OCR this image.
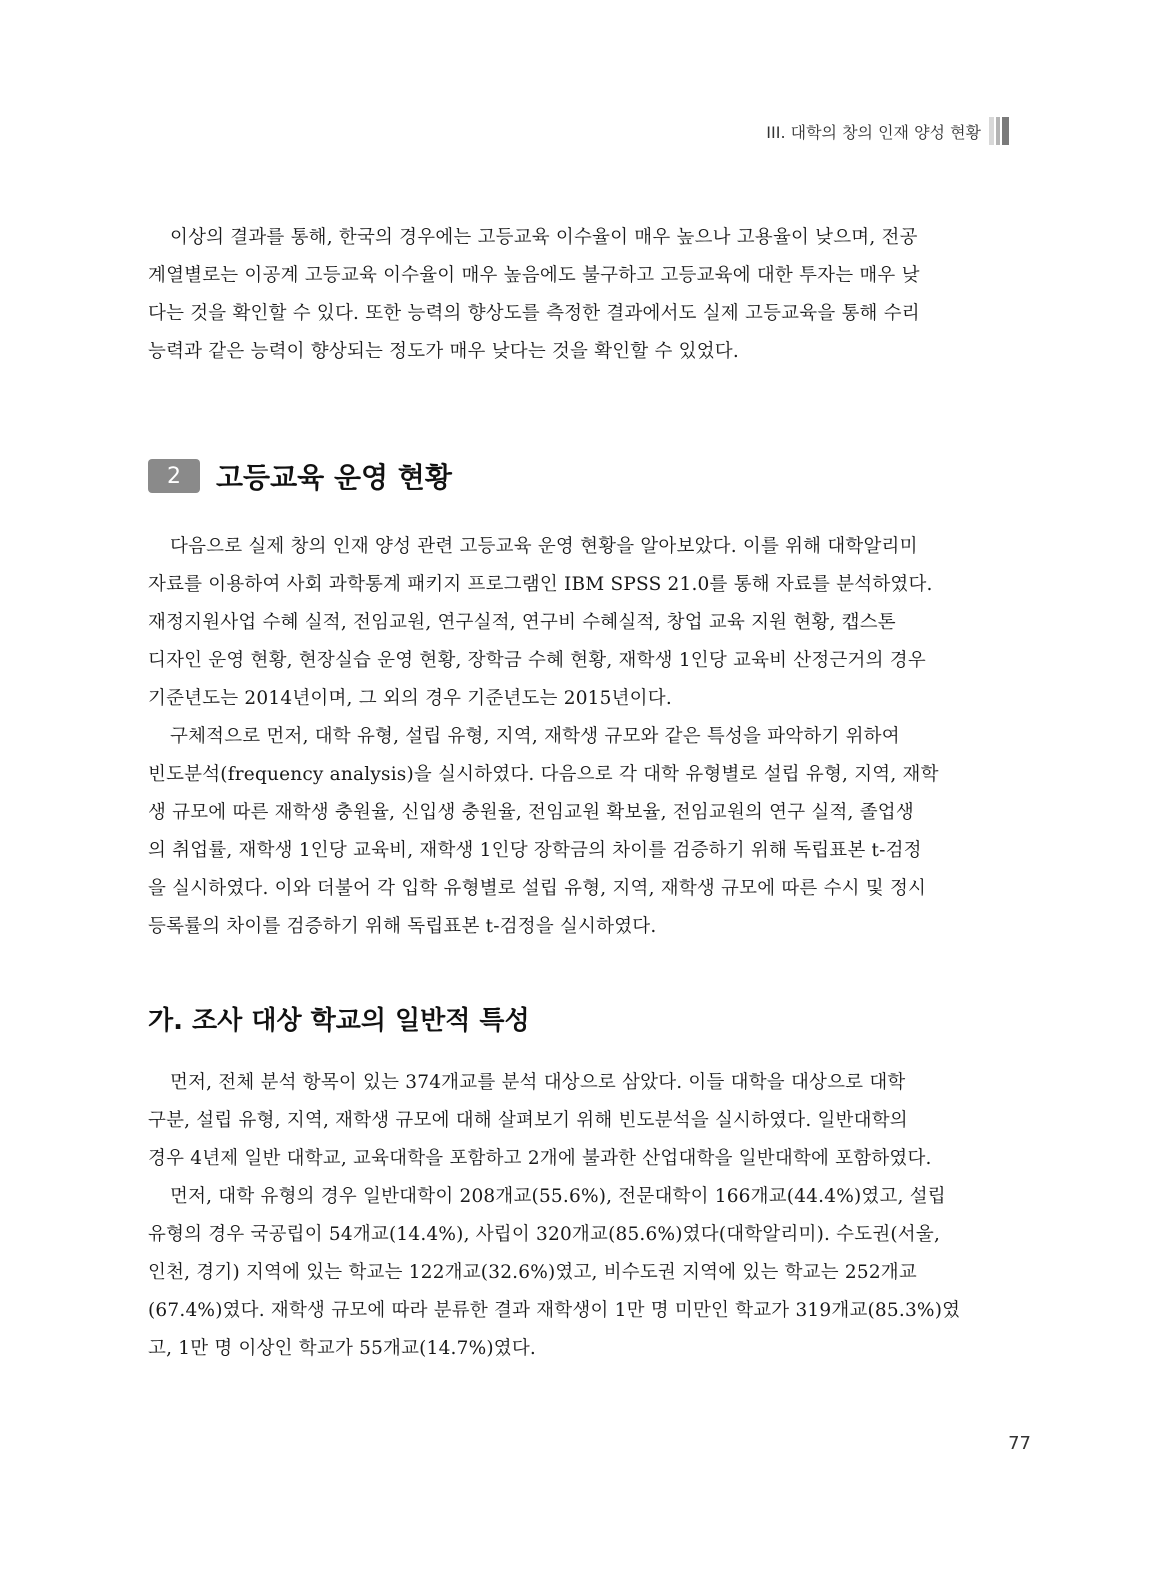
III. 대학의 창의 인재 양성 현황

이상의 결과를 통해, 한국의 경우에는 고등교육 이수율이 매우 높으나 고용율이 낮으며, 전공
계열별로는 이공계 고등교육 이수율이 매우 높음에도 불구하고 고등교육에 대한 투자는 매우 낮
다는 것을 확인할 수 있다. 또한 능력의 향상도를 측정한 결과에서도 실제 고등교육을 통해 수리
능력과 같은 능력이 향상되는 정도가 매우 낮다는 것을 확인할 수 있었다.

2	고등교육 운영 현황

다음으로 실제 창의 인재 양성 관련 고등교육 운영 현황을 알아보았다. 이를 위해 대학알리미
자료를 이용하여 사회 과학통계 패키지 프로그램인 IBM SPSS 21.0를 통해 자료를 분석하였다.
재정지원사업 수혜 실적, 전임교원, 연구실적, 연구비 수혜실적, 창업 교육 지원 현황, 캡스톤
디자인 운영 현황, 현장실습 운영 현황, 장학금 수혜 현황, 재학생 1인당 교육비 산정근거의 경우
기준년도는 2014년이며, 그 외의 경우 기준년도는 2015년이다.
구체적으로 먼저, 대학 유형, 설립 유형, 지역, 재학생 규모와 같은 특성을 파악하기 위하여
빈도분석(frequency analysis)을 실시하였다. 다음으로 각 대학 유형별로 설립 유형, 지역, 재학
생 규모에 따른 재학생 충원율, 신입생 충원율, 전임교원 확보율, 전임교원의 연구 실적, 졸업생
의 취업률, 재학생 1인당 교육비, 재학생 1인당 장학금의 차이를 검증하기 위해 독립표본 t-검정
을 실시하였다. 이와 더불어 각 입학 유형별로 설립 유형, 지역, 재학생 규모에 따른 수시 및 정시
등록률의 차이를 검증하기 위해 독립표본 t-검정을 실시하였다.

가. 조사 대상 학교의 일반적 특성

먼저, 전체 분석 항목이 있는 374개교를 분석 대상으로 삼았다. 이들 대학을 대상으로 대학
구분, 설립 유형, 지역, 재학생 규모에 대해 살펴보기 위해 빈도분석을 실시하였다. 일반대학의
경우 4년제 일반 대학교, 교육대학을 포함하고 2개에 불과한 산업대학을 일반대학에 포함하였다.
먼저, 대학 유형의 경우 일반대학이 208개교(55.6%), 전문대학이 166개교(44.4%)였고, 설립
유형의 경우 국공립이 54개교(14.4%), 사립이 320개교(85.6%)였다(대학알리미). 수도권(서울,
인천, 경기) 지역에 있는 학교는 122개교(32.6%)였고, 비수도권 지역에 있는 학교는 252개교
(67.4%)였다. 재학생 규모에 따라 분류한 결과 재학생이 1만 명 미만인 학교가 319개교(85.3%)였
고, 1만 명 이상인 학교가 55개교(14.7%)였다.

77
